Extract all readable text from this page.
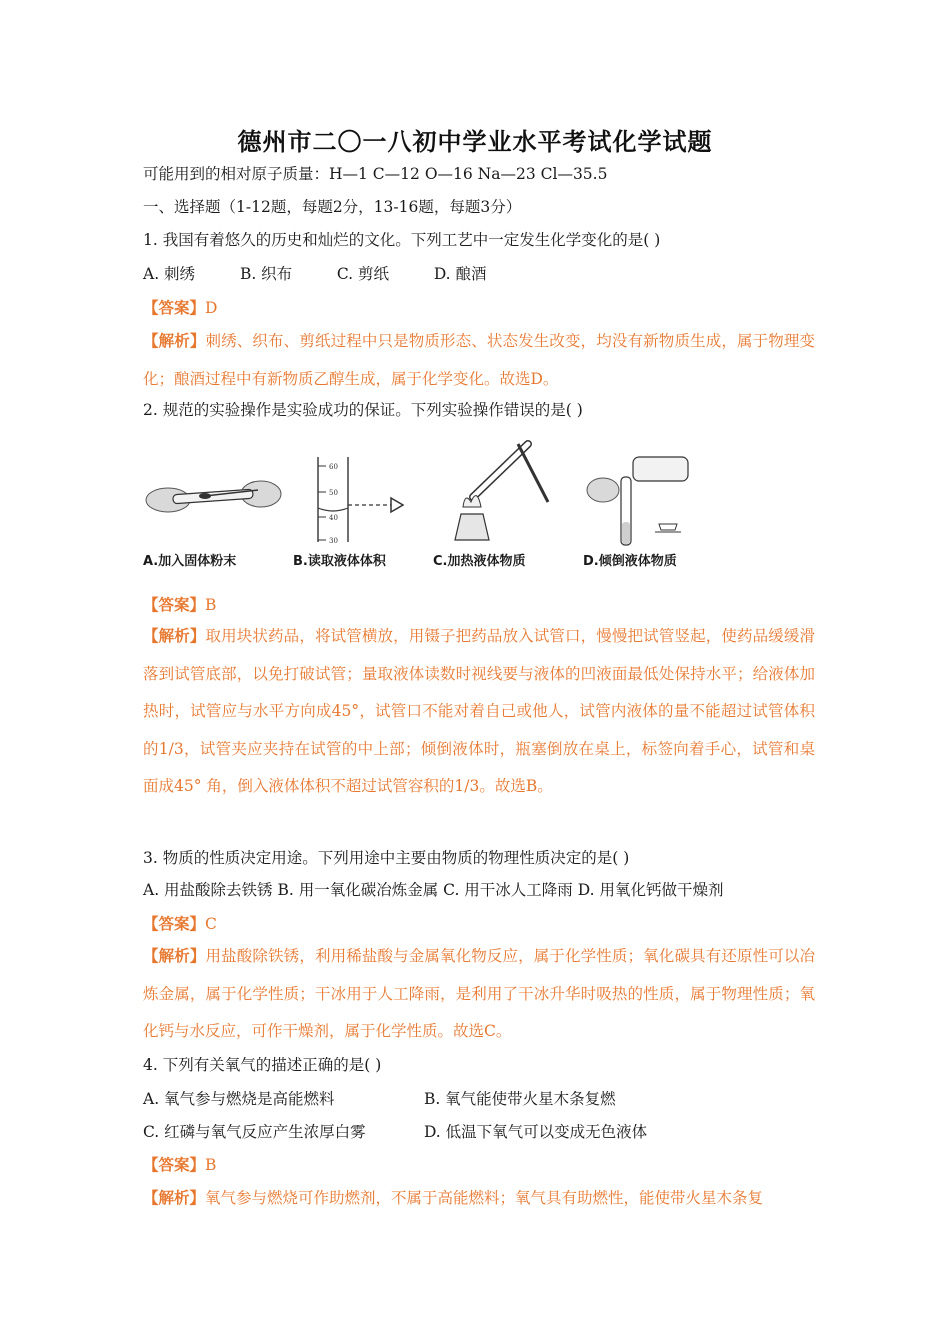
德州市二〇一八初中学业水平考试化学试题
可能用到的相对原子质量：H—1 C—12 O—16 Na—23 Cl—35.5
一、选择题（1-12题，每题2分，13-16题，每题3分）
1. 我国有着悠久的历史和灿烂的文化。下列工艺中一定发生化学变化的是( )
A. 刺绣	B. 织布	C. 剪纸	D. 酿酒
【答案】D
【解析】刺绣、织布、剪纸过程中只是物质形态、状态发生改变，均没有新物质生成，属于物理变化；酿酒过程中有新物质乙醇生成，属于化学变化。故选D。
2. 规范的实验操作是实验成功的保证。下列实验操作错误的是( )
A.加入固体粉末
60
50
40
30
B.读取液体体积	C.加热液体物质	D.倾倒液体物质
【答案】B
【解析】取用块状药品，将试管横放，用镊子把药品放入试管口，慢慢把试管竖起，使药品缓缓滑落到试管底部，以免打破试管；量取液体读数时视线要与液体的凹液面最低处保持水平；给液体加热时，试管应与水平方向成45°，试管口不能对着自己或他人，试管内液体的量不能超过试管体积的1/3，试管夹应夹持在试管的中上部；倾倒液体时，瓶塞倒放在桌上，标签向着手心，试管和桌面成45° 角，倒入液体体积不超过试管容积的1/3。故选B。
3. 物质的性质决定用途。下列用途中主要由物质的物理性质决定的是( )
A. 用盐酸除去铁锈 B. 用一氧化碳冶炼金属 C. 用干冰人工降雨 D. 用氧化钙做干燥剂
【答案】C
【解析】用盐酸除铁锈，利用稀盐酸与金属氧化物反应，属于化学性质；氧化碳具有还原性可以冶炼金属，属于化学性质；干冰用于人工降雨，是利用了干冰升华时吸热的性质，属于物理性质；氧化钙与水反应，可作干燥剂，属于化学性质。故选C。
4. 下列有关氧气的描述正确的是( )
A. 氧气参与燃烧是高能燃料	B. 氧气能使带火星木条复燃
C. 红磷与氧气反应产生浓厚白雾	D. 低温下氧气可以变成无色液体
【答案】B
【解析】氧气参与燃烧可作助燃剂，不属于高能燃料；氧气具有助燃性，能使带火星木条复
